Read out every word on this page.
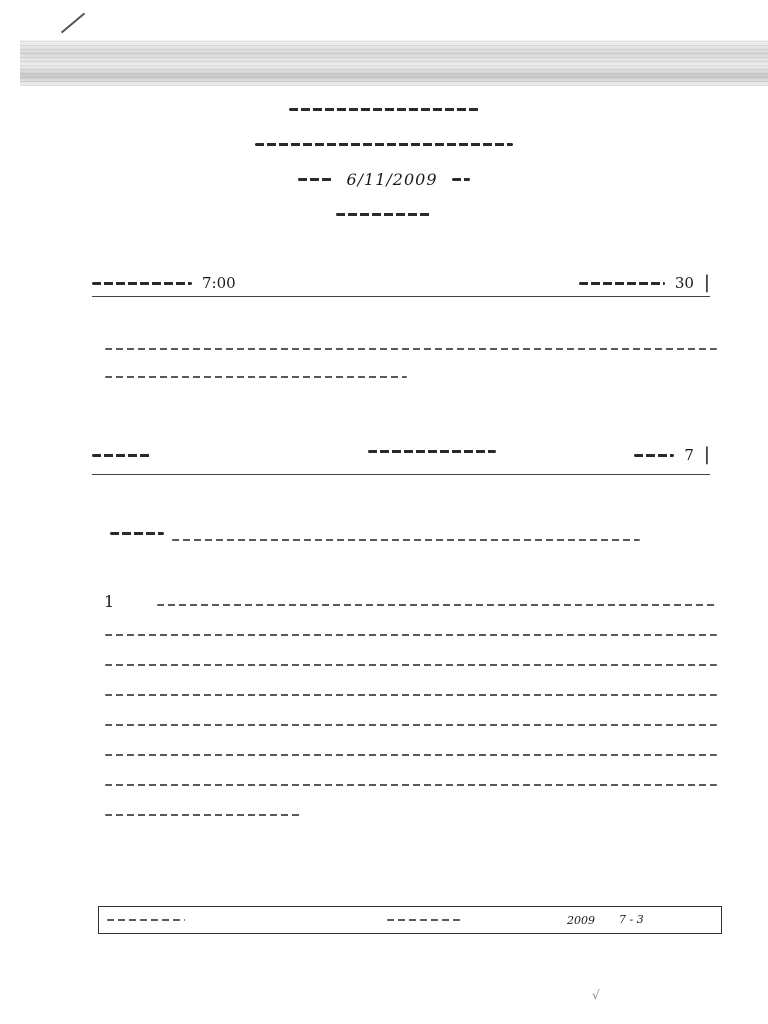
6/11/2009
7:00	30 |
7 |
1
2009 7 - 3
√
